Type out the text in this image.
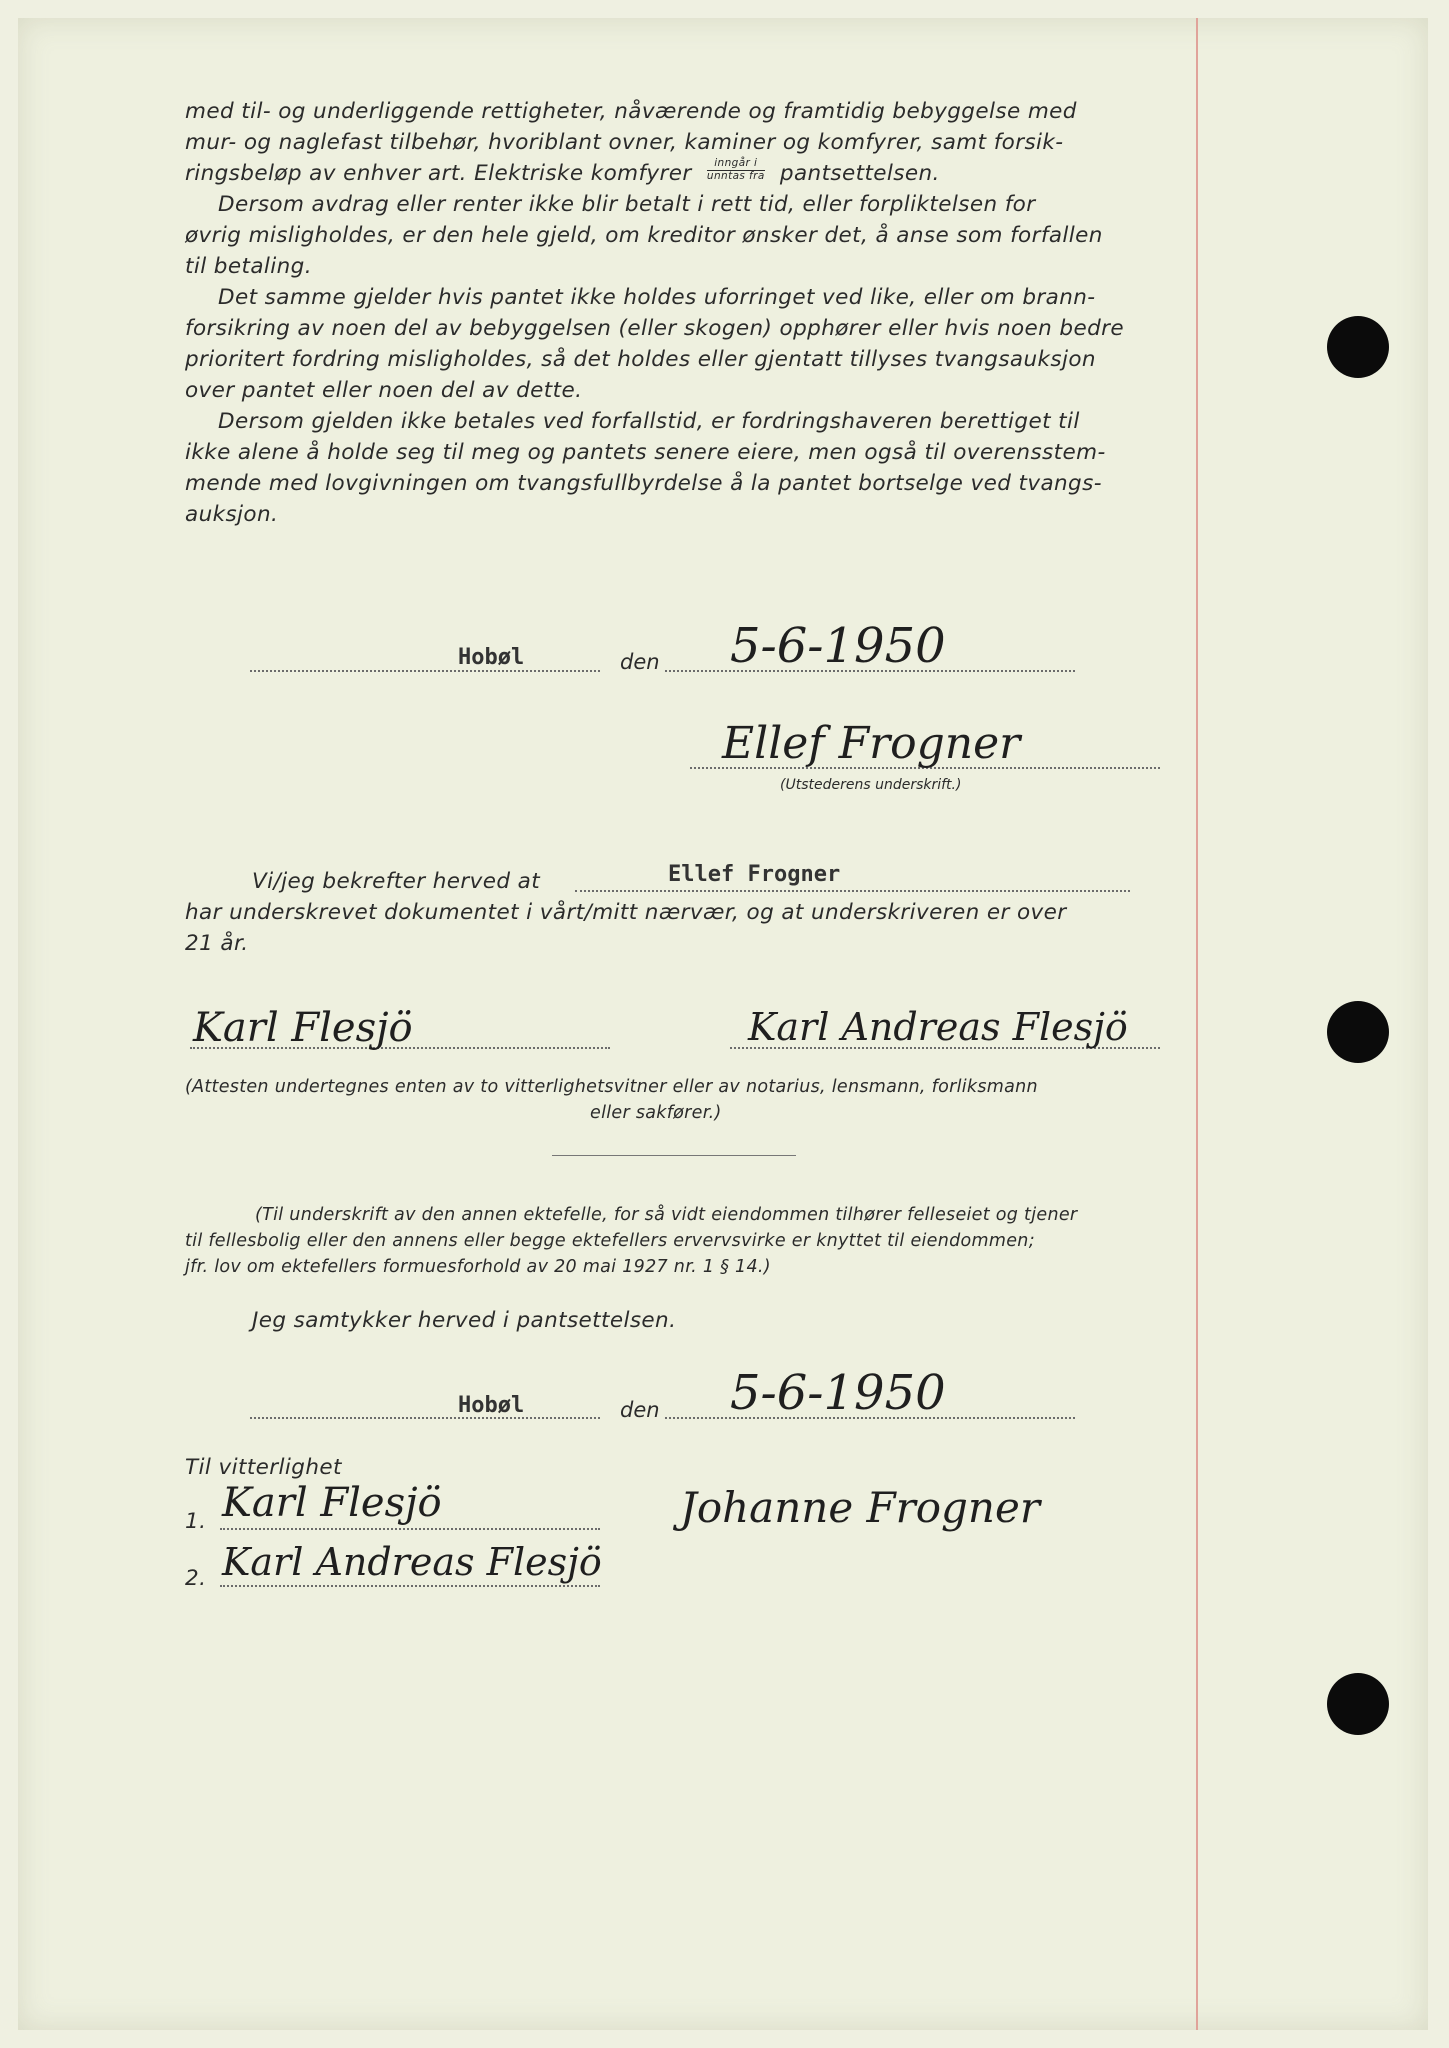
med til- og underliggende rettigheter, nåværende og framtidig bebyggelse med
mur- og naglefast tilbehør, hvoriblant ovner, kaminer og komfyrer, samt forsik-
ringsbeløp av enhver art. Elektriske komfyrer $\frac{\text{inngår i}}{\text{unntas fra}}$ pantsettelsen.
Dersom avdrag eller renter ikke blir betalt i rett tid, eller forpliktelsen for
øvrig misligholdes, er den hele gjeld, om kreditor ønsker det, å anse som forfallen
til betaling.
Det samme gjelder hvis pantet ikke holdes uforringet ved like, eller om brann-
forsikring av noen del av bebyggelsen (eller skogen) opphører eller hvis noen bedre
prioritert fordring misligholdes, så det holdes eller gjentatt tillyses tvangsauksjon
over pantet eller noen del av dette.
Dersom gjelden ikke betales ved forfallstid, er fordringshaveren berettiget til
ikke alene å holde seg til meg og pantets senere eiere, men også til overensstem-
mende med lovgivningen om tvangsfullbyrdelse å la pantet bortselge ved tvangs-
auksjon.
Hobøl	den 5-6-1950
Ellef Frogner
(Utstederens underskrift.)
Vi/jeg bekrefter herved at	Ellef Frogner
har underskrevet dokumentet i vårt/mitt nærvær, og at underskriveren er over
21 år.
Karl Flesjö	Karl Andreas Flesjö
(Attesten undertegnes enten av to vitterlighetsvitner eller av notarius, lensmann, forliksmann
eller sakfører.)
(Til underskrift av den annen ektefelle, for så vidt eiendommen tilhører felleseiet og tjener
til fellesbolig eller den annens eller begge ektefellers ervervsvirke er knyttet til eiendommen;
jfr. lov om ektefellers formuesforhold av 20 mai 1927 nr. 1 § 14.)
Jeg samtykker herved i pantsettelsen.
Hobøl	den 5-6-1950
Til vitterlighet
1. Karl Flesjö
2. Karl Andreas Flesjö
Johanne Frogner
